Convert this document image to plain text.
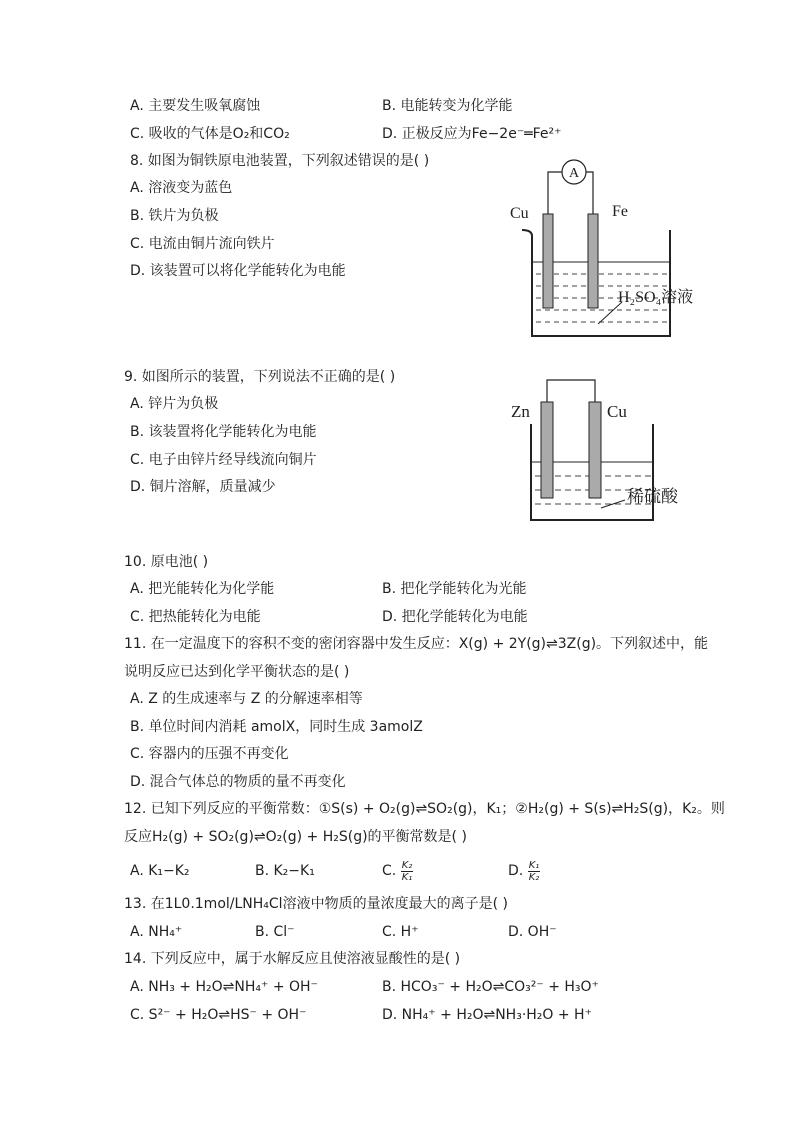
A. 主要发生吸氧腐蚀	B. 电能转变为化学能
C. 吸收的气体是O₂和CO₂	D. 正极反应为Fe−2e⁻═Fe²⁺
8. 如图为铜铁原电池装置，下列叙述错误的是( )
A. 溶液变为蓝色
B. 铁片为负极
C. 电流由铜片流向铁片
D. 该装置可以将化学能转化为电能
A
Cu	Fe
H₂SO₄溶液
9. 如图所示的装置，下列说法不正确的是( )
A. 锌片为负极
B. 该装置将化学能转化为电能
C. 电子由锌片经导线流向铜片
D. 铜片溶解，质量减少
Zn	Cu
稀硫酸
10. 原电池( )
A. 把光能转化为化学能	B. 把化学能转化为光能
C. 把热能转化为电能	D. 把化学能转化为电能
11. 在一定温度下的容积不变的密闭容器中发生反应：X(g) + 2Y(g)⇌3Z(g)。下列叙述中，能
说明反应已达到化学平衡状态的是( )
A. Z 的生成速率与 Z 的分解速率相等
B. 单位时间内消耗 amolX，同时生成 3amolZ
C. 容器内的压强不再变化
D. 混合气体总的物质的量不再变化
12. 已知下列反应的平衡常数：①S(s) + O₂(g)⇌SO₂(g)，K₁；②H₂(g) + S(s)⇌H₂S(g)，K₂。则
反应H₂(g) + SO₂(g)⇌O₂(g) + H₂S(g)的平衡常数是( )
A. K₁−K₂	B. K₂−K₁	C. $\frac{\text{K₂}}{\text{K₁}}$	D. $\frac{\text{K₁}}{\text{K₂}}$
13. 在1L0.1mol/LNH₄Cl溶液中物质的量浓度最大的离子是( )
A. NH₄⁺	B. Cl⁻	C. H⁺	D. OH⁻
14. 下列反应中，属于水解反应且使溶液显酸性的是( )
A. NH₃ + H₂O⇌NH₄⁺ + OH⁻	B. HCO₃⁻ + H₂O⇌CO₃²⁻ + H₃O⁺
C. S²⁻ + H₂O⇌HS⁻ + OH⁻	D. NH₄⁺ + H₂O⇌NH₃·H₂O + H⁺
